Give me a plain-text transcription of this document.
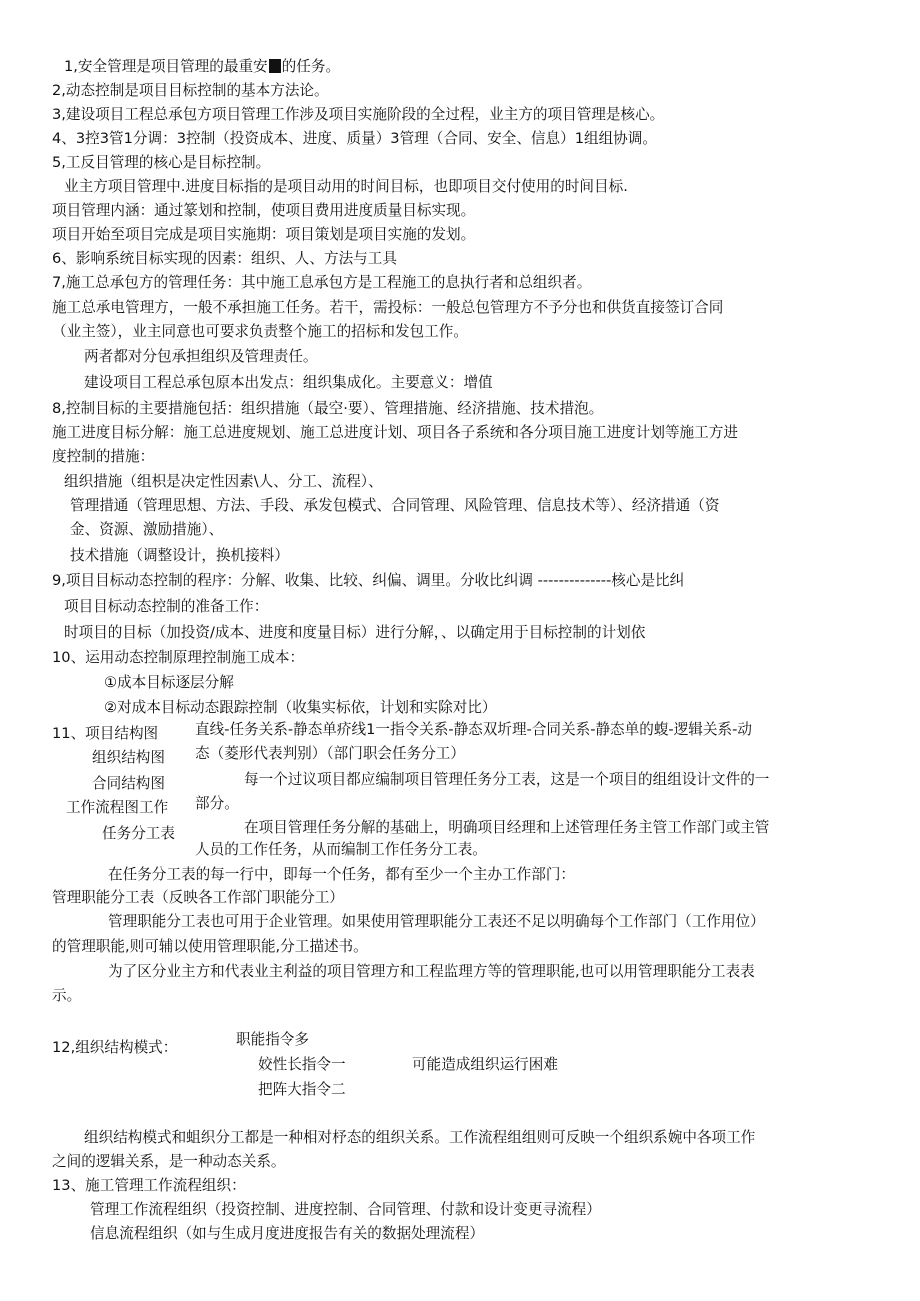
1,安全管理是项目管理的最重安 的任务。
2,动态控制是项目目标控制的基本方法论。
3,建设项目工程总承包方项目管理工作涉及项目实施阶段的全过程，业主方的项目管理是核心。
4、3控3管1分调：3控制（投资成本、进度、质量）3管理（合同、安全、信息）1组组协调。
5,工反目管理的核心是目标控制。
业主方项目管理中.进度目标指的是项目动用的时间目标，也即项目交付使用的时间目标.
项目管理内涵：通过篆划和控制，使项目费用进度质量目标实现。
项目开始至项目完成是项目实施期：项目策划是项目实施的发划。
6、影响系统目标实现的因素：组织、人、方法与工具
7,施工总承包方的管理任务：其中施工息承包方是工程施工的息执行者和总组织者。
施工总承电管理方，一般不承担施工任务。若干，需投标：一般总包管理方不予分也和供货直接签订合同
（业主签），业主同意也可要求负责整个施工的招标和发包工作。
两者都对分包承担组织及管理责任。
建设项目工程总承包原本出发点：组织集成化。主要意义：增值
8,控制目标的主要措施包括：组织措施（最空·要）、管理措施、经济措施、技术措泡。
施工进度目标分解：施工总进度规划、施工总进度计划、项目各子系统和各分项目施工进度计划等施工方进
度控制的措施：
组织措施（组枳是决定性因素\人、分工、流程）、
管理措通（管理思想、方法、手段、承发包模式、合同管理、风险管理、信息技术等）、经济措通（资
金、资源、激励措施）、
技术措施（调整设计，换机接料）
9,项目目标动态控制的程序：分解、收集、比较、纠偏、调里。分收比纠调 --------------核心是比纠
项目目标动态控制的准备工作：
时项目的目标（加投资/成本、进度和度量目标）进行分解，、以确定用于目标控制的计划依
10、运用动态控制原理控制施工成本：
①成本目标逐层分解
②对成本目标动态跟踪控制（收集实标依，计划和实除对比）
11、项目结构图	直线-任务关系-静态单疥线1一指令关系-静态双圻理-合同关系-静态单的蝮-逻辑关系-动
组织结构图 态（菱形代表判别）（部门职会任务分工）
合同结构图	每一个过议项目都应编制项目管理任务分工表，这是一个项目的组组设计文件的一
工作流程图工作 部分。
任务分工表	在项目管理任务分解的基础上，明确项目经理和上述管理任务主管工作部门或主管
人员的工作任务，从而编制工作任务分工表。
在任务分工表的每一行中，即每一个任务，都有至少一个主办工作部门：
管理职能分工表（反映各工作部门职能分工）
管理职能分工表也可用于企业管理。如果使用管理职能分工表还不足以明确每个工作部门（工作用位）
的管理职能,则可辅以使用管理职能,分工描述书。
为了区分业主方和代表业主利益的项目管理方和工程监理方等的管理职能,也可以用管理职能分工表表
示。
12,组织结构模式：	职能指令多
姣性长指令一	可能造成组织运行困难
把阵大指令二
组织结构模式和蛆织分工都是一种相对杼态的组织关系。工作流程组组则可反映一个组织系婉中各项工作
之间的逻辑关系，是一种动态关系。
13、施工管理工作流程组织：
管理工作流程组织（投资控制、进度控制、合同管理、付款和设计变更寻流程）
信息流程组织（如与生成月度进度报告有关的数据处理流程）
